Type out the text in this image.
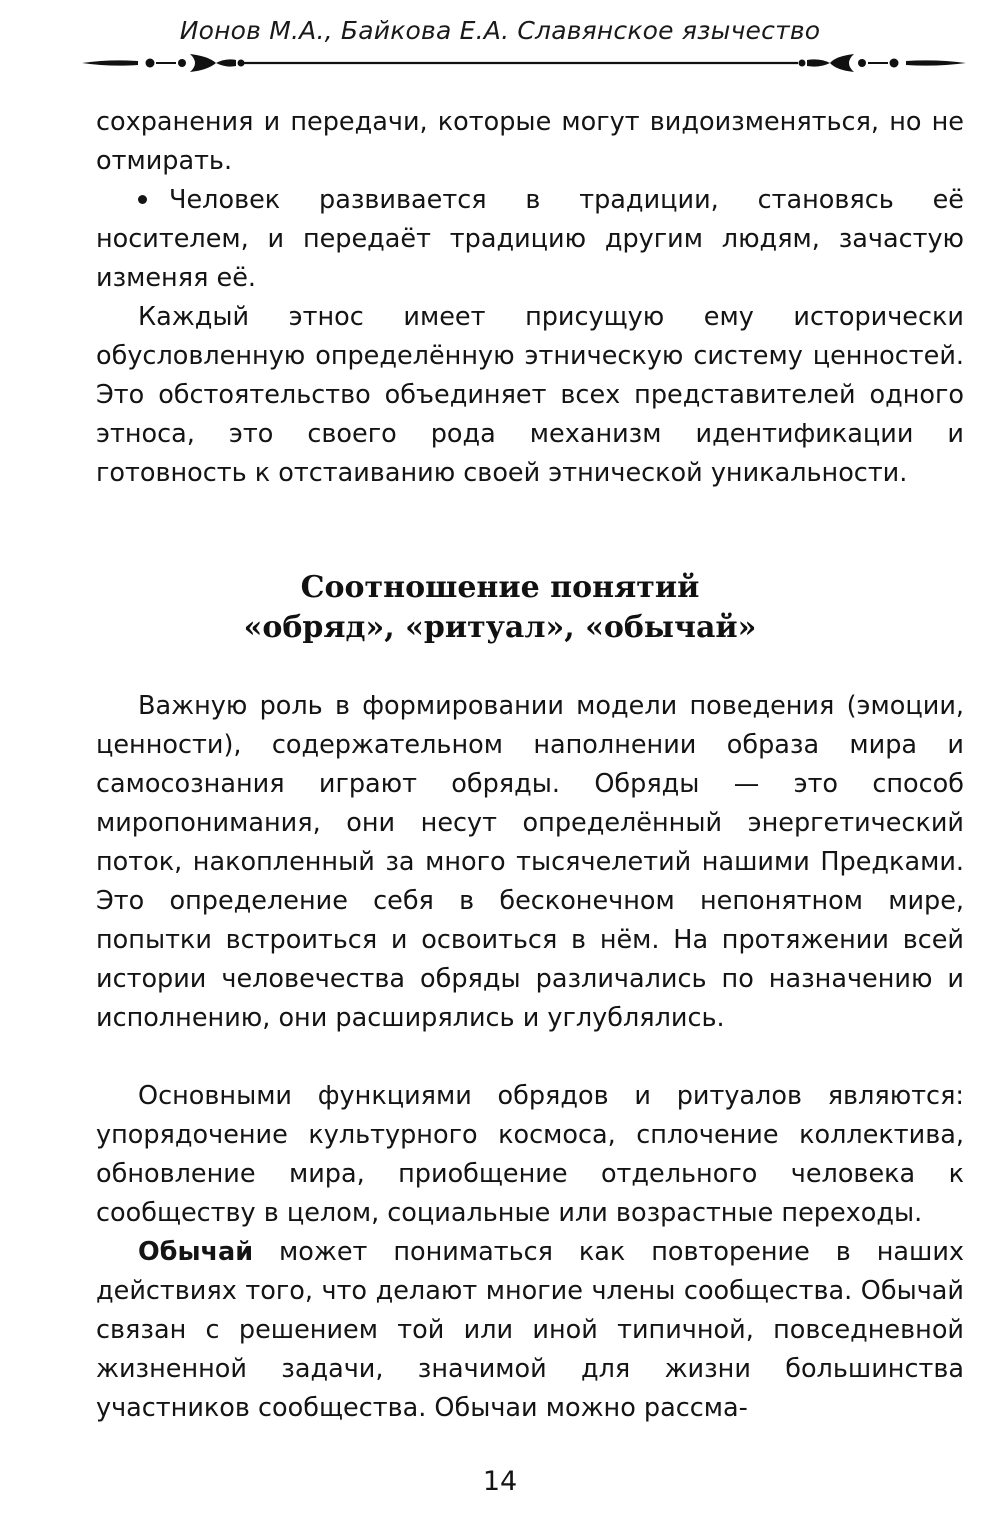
Ионов М.А., Байкова Е.А. Славянское язычество

сохранения и передачи, которые могут видоизменяться, но не отмирать.

Человек развивается в традиции, становясь её носителем, и передаёт традицию другим людям, зачастую изменяя её.

Каждый этнос имеет присущую ему исторически обусловленную определённую этническую систему ценностей. Это обстоятельство объединяет всех представителей одного этноса, это своего рода механизм идентификации и готовность к отстаиванию своей этнической уникальности.

Соотношение понятий
«обряд», «ритуал», «обычай»

Важную роль в формировании модели поведения (эмоции, ценности), содержательном наполнении образа мира и самосознания играют обряды. Обряды — это способ миропонимания, они несут определённый энергетический поток, накопленный за много тысячелетий нашими Предками. Это определение себя в бесконечном непонятном мире, попытки встроиться и освоиться в нём. На протяжении всей истории человечества обряды различались по назначению и исполнению, они расширялись и углублялись.

Основными функциями обрядов и ритуалов являются: упорядочение культурного космоса, сплочение коллектива, обновление мира, приобщение отдельного человека к сообществу в целом, социальные или возрастные переходы.

Обычай может пониматься как повторение в наших действиях того, что делают многие члены сообщества. Обычай связан с решением той или иной типичной, повседневной жизненной задачи, значимой для жизни большинства участников сообщества. Обычаи можно рассма-

14
